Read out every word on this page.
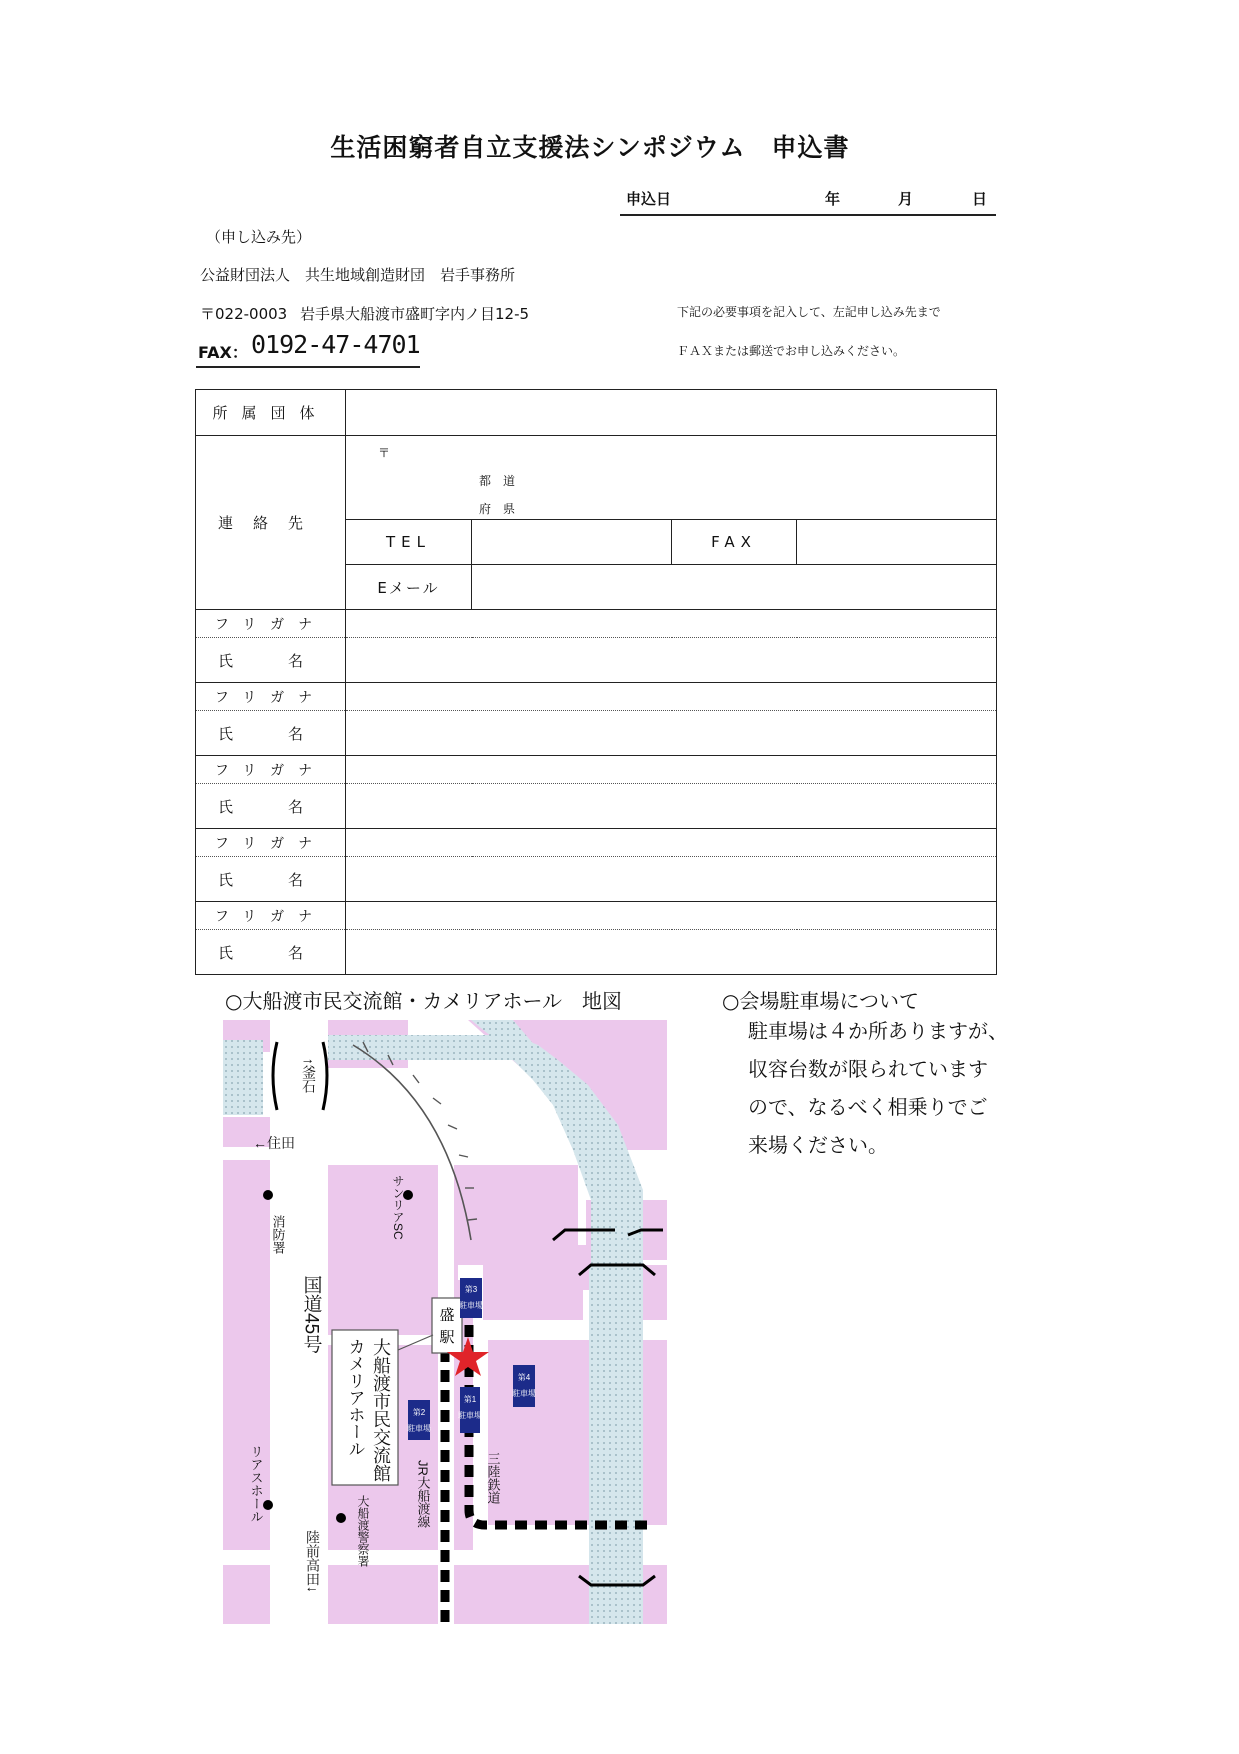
生活困窮者自立支援法シンポジウム　申込書
申込日	年	月	日
（申し込み先）
公益財団法人　共生地域創造財団　岩手事務所
〒022-0003 岩手県大船渡市盛町字内ノ目12-5
FAX： 0192-47-4701
下記の必要事項を記入して、左記申し込み先まで
ＦＡＸまたは郵送でお申し込みください。
所属団体				
連絡先	〒
都　道
府　県			

	TEL		FAX	
	Eメール			
フリガナ				
氏　名				
フリガナ				
氏　名				
フリガナ				
氏　名				
フリガナ				
氏　名				
フリガナ				
氏　名				
○大船渡市民交流館・カメリアホール　地図	○会場駐車場について
駐車場は４か所ありますが、
収容台数が限られています
ので、なるべく相乗りでご
来場ください。
盛
駅
第3
駐車場
第4
駐車場
第1
駐車場
第2
駐車場
↑釜石
←住田
消防署
国道45号
リアスホール
陸前高田↓
サンリアSC
大船渡市民交流館
カメリアホール
大船渡警察署
JR大船渡線	三陸鉄道
